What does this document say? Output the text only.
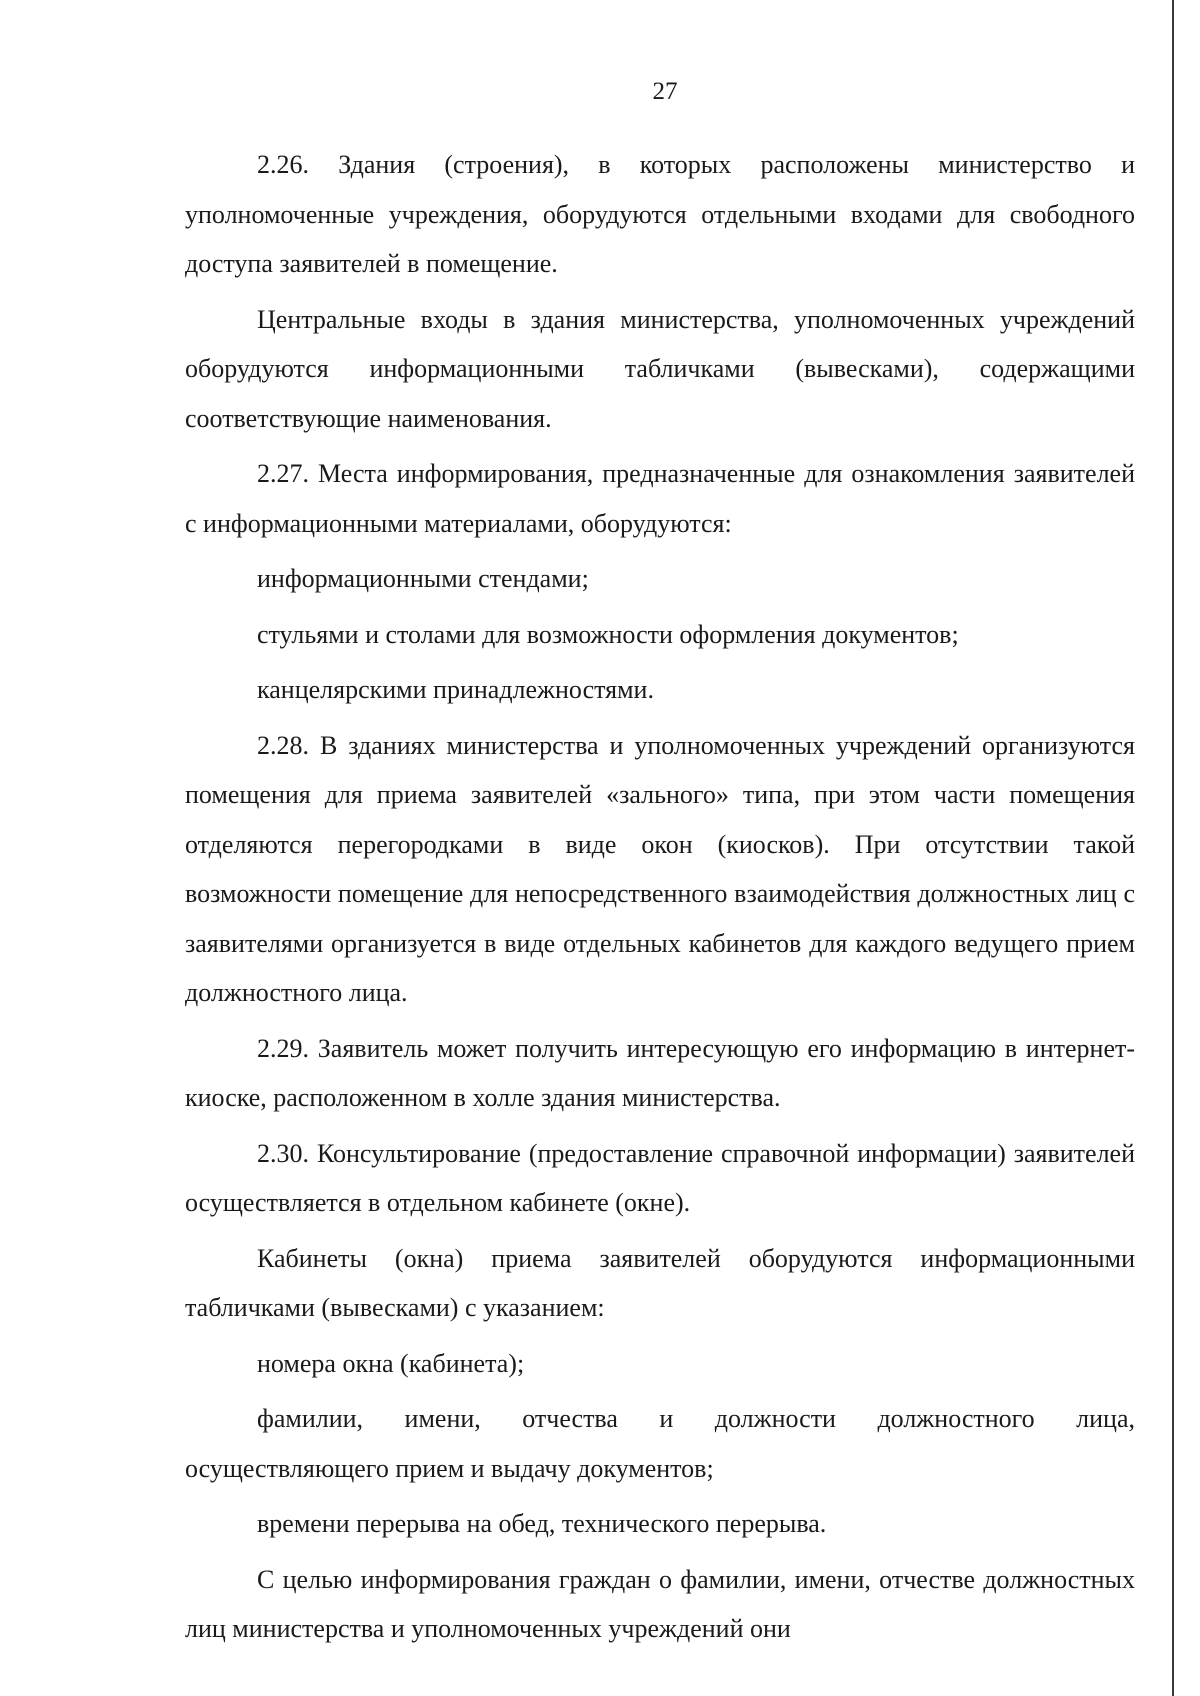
27

2.26. Здания (строения), в которых расположены министерство и уполномоченные учреждения, оборудуются отдельными входами для свободного доступа заявителей в помещение.

Центральные входы в здания министерства, уполномоченных учреждений оборудуются информационными табличками (вывесками), содержащими соответствующие наименования.

2.27. Места информирования, предназначенные для ознакомления заявителей с информационными материалами, оборудуются:

информационными стендами;

стульями и столами для возможности оформления документов;

канцелярскими принадлежностями.

2.28. В зданиях министерства и уполномоченных учреждений организуются помещения для приема заявителей «зального» типа, при этом части помещения отделяются перегородками в виде окон (киосков). При отсутствии такой возможности помещение для непосредственного взаимодействия должностных лиц с заявителями организуется в виде отдельных кабинетов для каждого ведущего прием должностного лица.

2.29. Заявитель может получить интересующую его информацию в интернет-киоске, расположенном в холле здания министерства.

2.30. Консультирование (предоставление справочной информации) заявителей осуществляется в отдельном кабинете (окне).

Кабинеты (окна) приема заявителей оборудуются информационными табличками (вывесками) с указанием:

номера окна (кабинета);

фамилии, имени, отчества и должности должностного лица, осуществляющего прием и выдачу документов;

времени перерыва на обед, технического перерыва.

С целью информирования граждан о фамилии, имени, отчестве должностных лиц министерства и уполномоченных учреждений они
